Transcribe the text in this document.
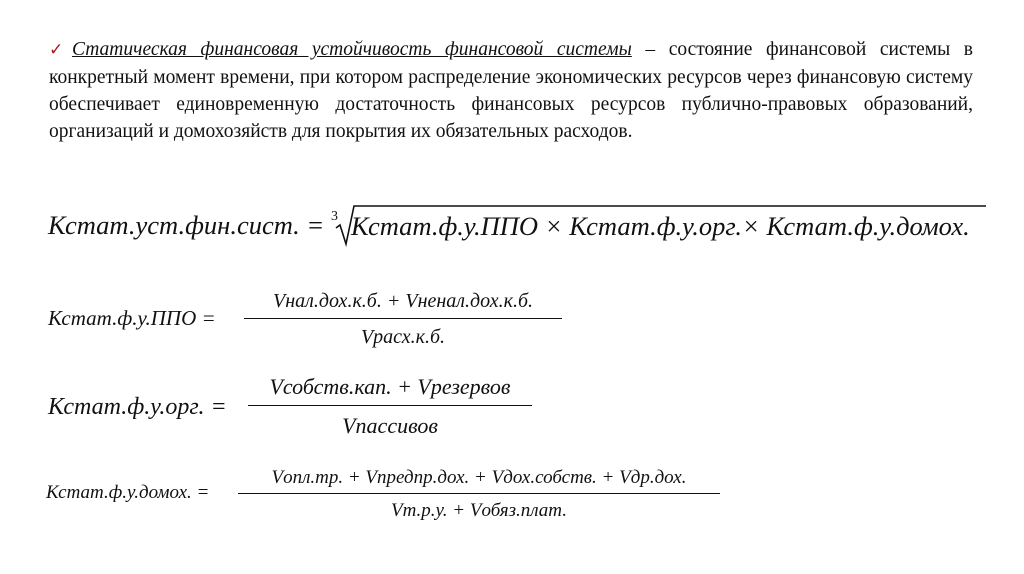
✓Статическая финансовая устойчивость финансовой системы – состояние финансовой системы в конкретный момент времени, при котором распределение экономических ресурсов через финансовую систему обеспечивает единовременную достаточность финансовых ресурсов публично-правовых образований, организаций и домохозяйств для покрытия их обязательных расходов.
Кстат.уст.фин.сист. = 3 Кстат.ф.у.ППО × Кстат.ф.у.орг.× Кстат.ф.у.домох.
Кстат.ф.у.ППО =
Vнал.дох.к.б. + Vненал.дох.к.б.
Vрасх.к.б.
Кстат.ф.у.орг. =
Vсобств.кап. + Vрезервов
Vпассивов
Кстат.ф.у.домох. =
Vопл.тр. + Vпредпр.дох. + Vдох.собств. + Vдр.дох.
Vт.р.у. + Vобяз.плат.
